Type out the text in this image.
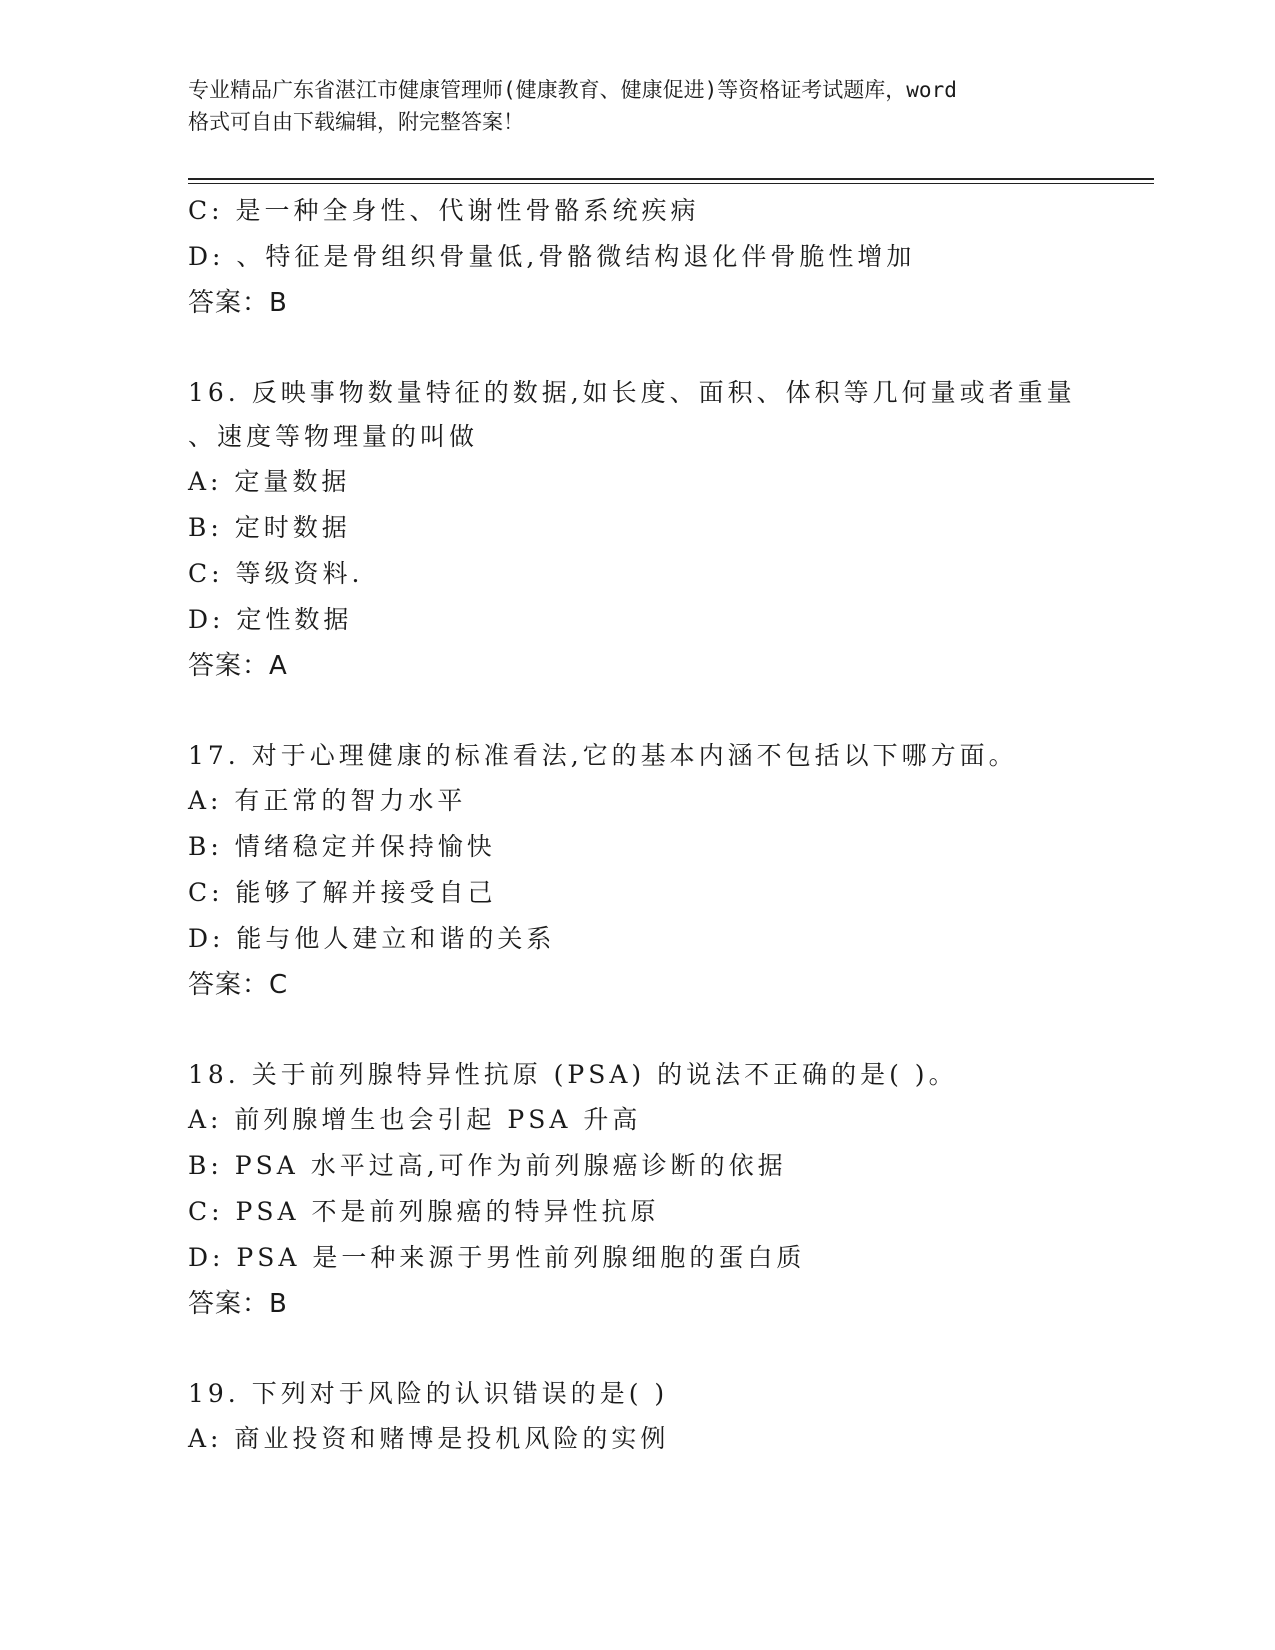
专业精品广东省湛江市健康管理师(健康教育、健康促进)等资格证考试题库，word
格式可自由下载编辑，附完整答案！
C: 是一种全身性、代谢性骨骼系统疾病
D: 、特征是骨组织骨量低,骨骼微结构退化伴骨脆性增加
答案：B
16. 反映事物数量特征的数据,如长度、面积、体积等几何量或者重量
、速度等物理量的叫做
A: 定量数据
B: 定时数据
C: 等级资料.
D: 定性数据
答案：A
17. 对于心理健康的标准看法,它的基本内涵不包括以下哪方面。
A: 有正常的智力水平
B: 情绪稳定并保持愉快
C: 能够了解并接受自己
D: 能与他人建立和谐的关系
答案：C
18. 关于前列腺特异性抗原 (PSA) 的说法不正确的是( )。
A: 前列腺增生也会引起 PSA 升高
B: PSA 水平过高,可作为前列腺癌诊断的依据
C: PSA 不是前列腺癌的特异性抗原
D: PSA 是一种来源于男性前列腺细胞的蛋白质
答案：B
19. 下列对于风险的认识错误的是( )
A: 商业投资和赌博是投机风险的实例
